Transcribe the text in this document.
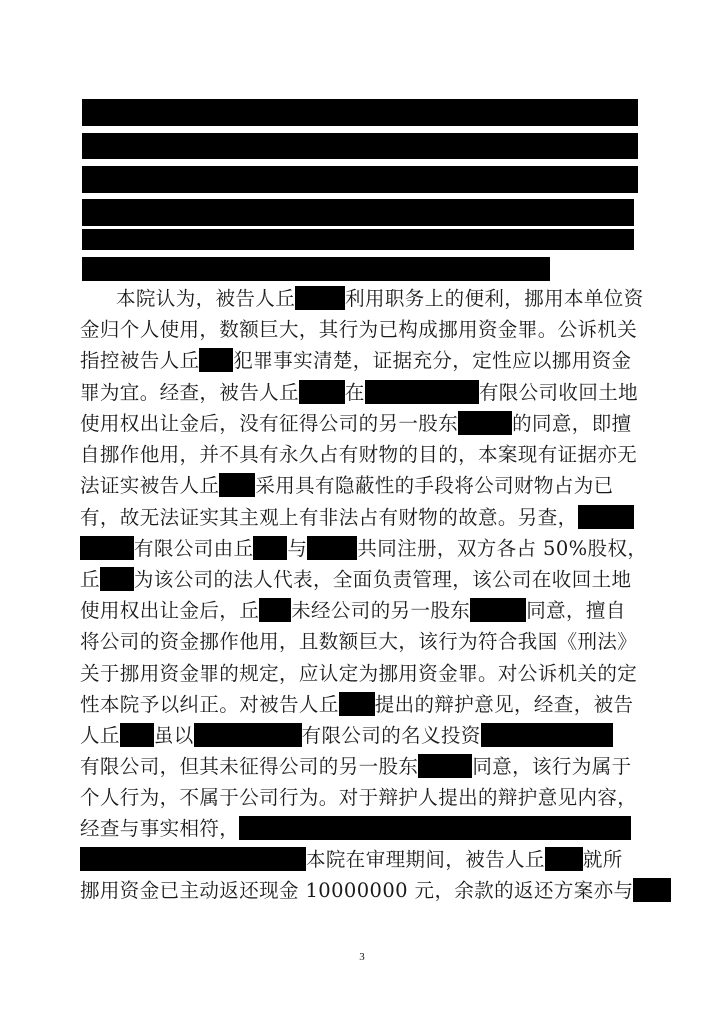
本院认为，被告人丘	利用职务上的便利，挪用本单位资
金归个人使用，数额巨大，其行为已构成挪用资金罪。公诉机关
指控被告人丘 犯罪事实清楚，证据充分，定性应以挪用资金
罪为宜。经查，被告人丘 在	有限公司收回土地
使用权出让金后，没有征得公司的另一股东	的同意，即擅
自挪作他用，并不具有永久占有财物的目的，本案现有证据亦无
法证实被告人丘 采用具有隐蔽性的手段将公司财物占为已
有，故无法证实其主观上有非法占有财物的故意。另查，
有限公司由丘 与	共同注册，双方各占 50%股权，
丘 为该公司的法人代表，全面负责管理，该公司在收回土地
使用权出让金后，丘 未经公司的另一股东	同意，擅自
将公司的资金挪作他用，且数额巨大，该行为符合我国《刑法》
关于挪用资金罪的规定，应认定为挪用资金罪。对公诉机关的定
性本院予以纠正。对被告人丘 提出的辩护意见，经查，被告
人丘 虽以	有限公司的名义投资
有限公司，但其未征得公司的另一股东	同意，该行为属于
个人行为，不属于公司行为。对于辩护人提出的辩护意见内容，
经查与事实相符，
本院在审理期间，被告人丘 就所
挪用资金已主动返还现金 10000000 元，余款的返还方案亦与
3
